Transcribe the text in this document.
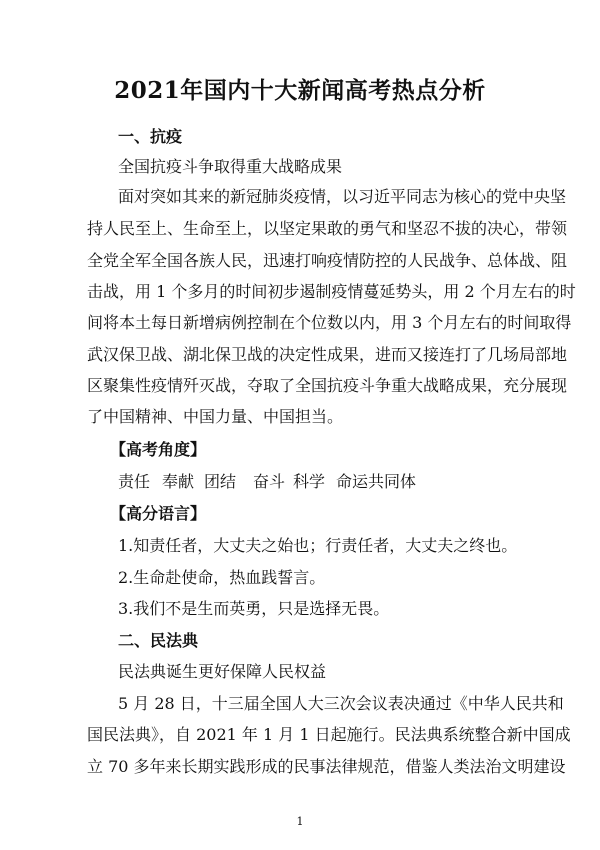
2021年国内十大新闻高考热点分析
一、抗疫
全国抗疫斗争取得重大战略成果
面对突如其来的新冠肺炎疫情，以习近平同志为核心的党中央坚
持人民至上、生命至上，以坚定果敢的勇气和坚忍不拔的决心，带领
全党全军全国各族人民，迅速打响疫情防控的人民战争、总体战、阻
击战，用 1 个多月的时间初步遏制疫情蔓延势头，用 2 个月左右的时
间将本土每日新增病例控制在个位数以内，用 3 个月左右的时间取得
武汉保卫战、湖北保卫战的决定性成果，进而又接连打了几场局部地
区聚集性疫情歼灭战，夺取了全国抗疫斗争重大战略成果，充分展现
了中国精神、中国力量、中国担当。
【高考角度】
责任 奉献 团结 奋斗 科学 命运共同体
【高分语言】
1.知责任者，大丈夫之始也；行责任者，大丈夫之终也。
2.生命赴使命，热血践誓言。
3.我们不是生而英勇，只是选择无畏。
二、民法典
民法典诞生更好保障人民权益
5 月 28 日，十三届全国人大三次会议表决通过《中华人民共和
国民法典》，自 2021 年 1 月 1 日起施行。民法典系统整合新中国成
立 70 多年来长期实践形成的民事法律规范，借鉴人类法治文明建设
1
